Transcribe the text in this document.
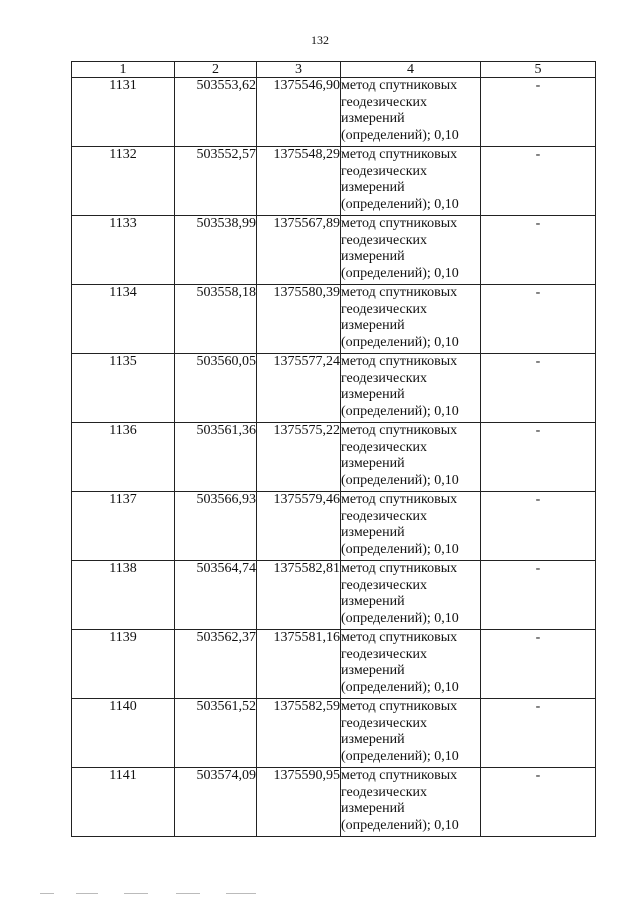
132
1	2	3	4	5
1131	503553,62	1375546,90	метод спутниковых
геодезических
измерений
(определений); 0,10	-
1132	503552,57	1375548,29	метод спутниковых
геодезических
измерений
(определений); 0,10	-
1133	503538,99	1375567,89	метод спутниковых
геодезических
измерений
(определений); 0,10	-
1134	503558,18	1375580,39	метод спутниковых
геодезических
измерений
(определений); 0,10	-
1135	503560,05	1375577,24	метод спутниковых
геодезических
измерений
(определений); 0,10	-
1136	503561,36	1375575,22	метод спутниковых
геодезических
измерений
(определений); 0,10	-
1137	503566,93	1375579,46	метод спутниковых
геодезических
измерений
(определений); 0,10	-
1138	503564,74	1375582,81	метод спутниковых
геодезических
измерений
(определений); 0,10	-
1139	503562,37	1375581,16	метод спутниковых
геодезических
измерений
(определений); 0,10	-
1140	503561,52	1375582,59	метод спутниковых
геодезических
измерений
(определений); 0,10	-
1141	503574,09	1375590,95	метод спутниковых
геодезических
измерений
(определений); 0,10	-
